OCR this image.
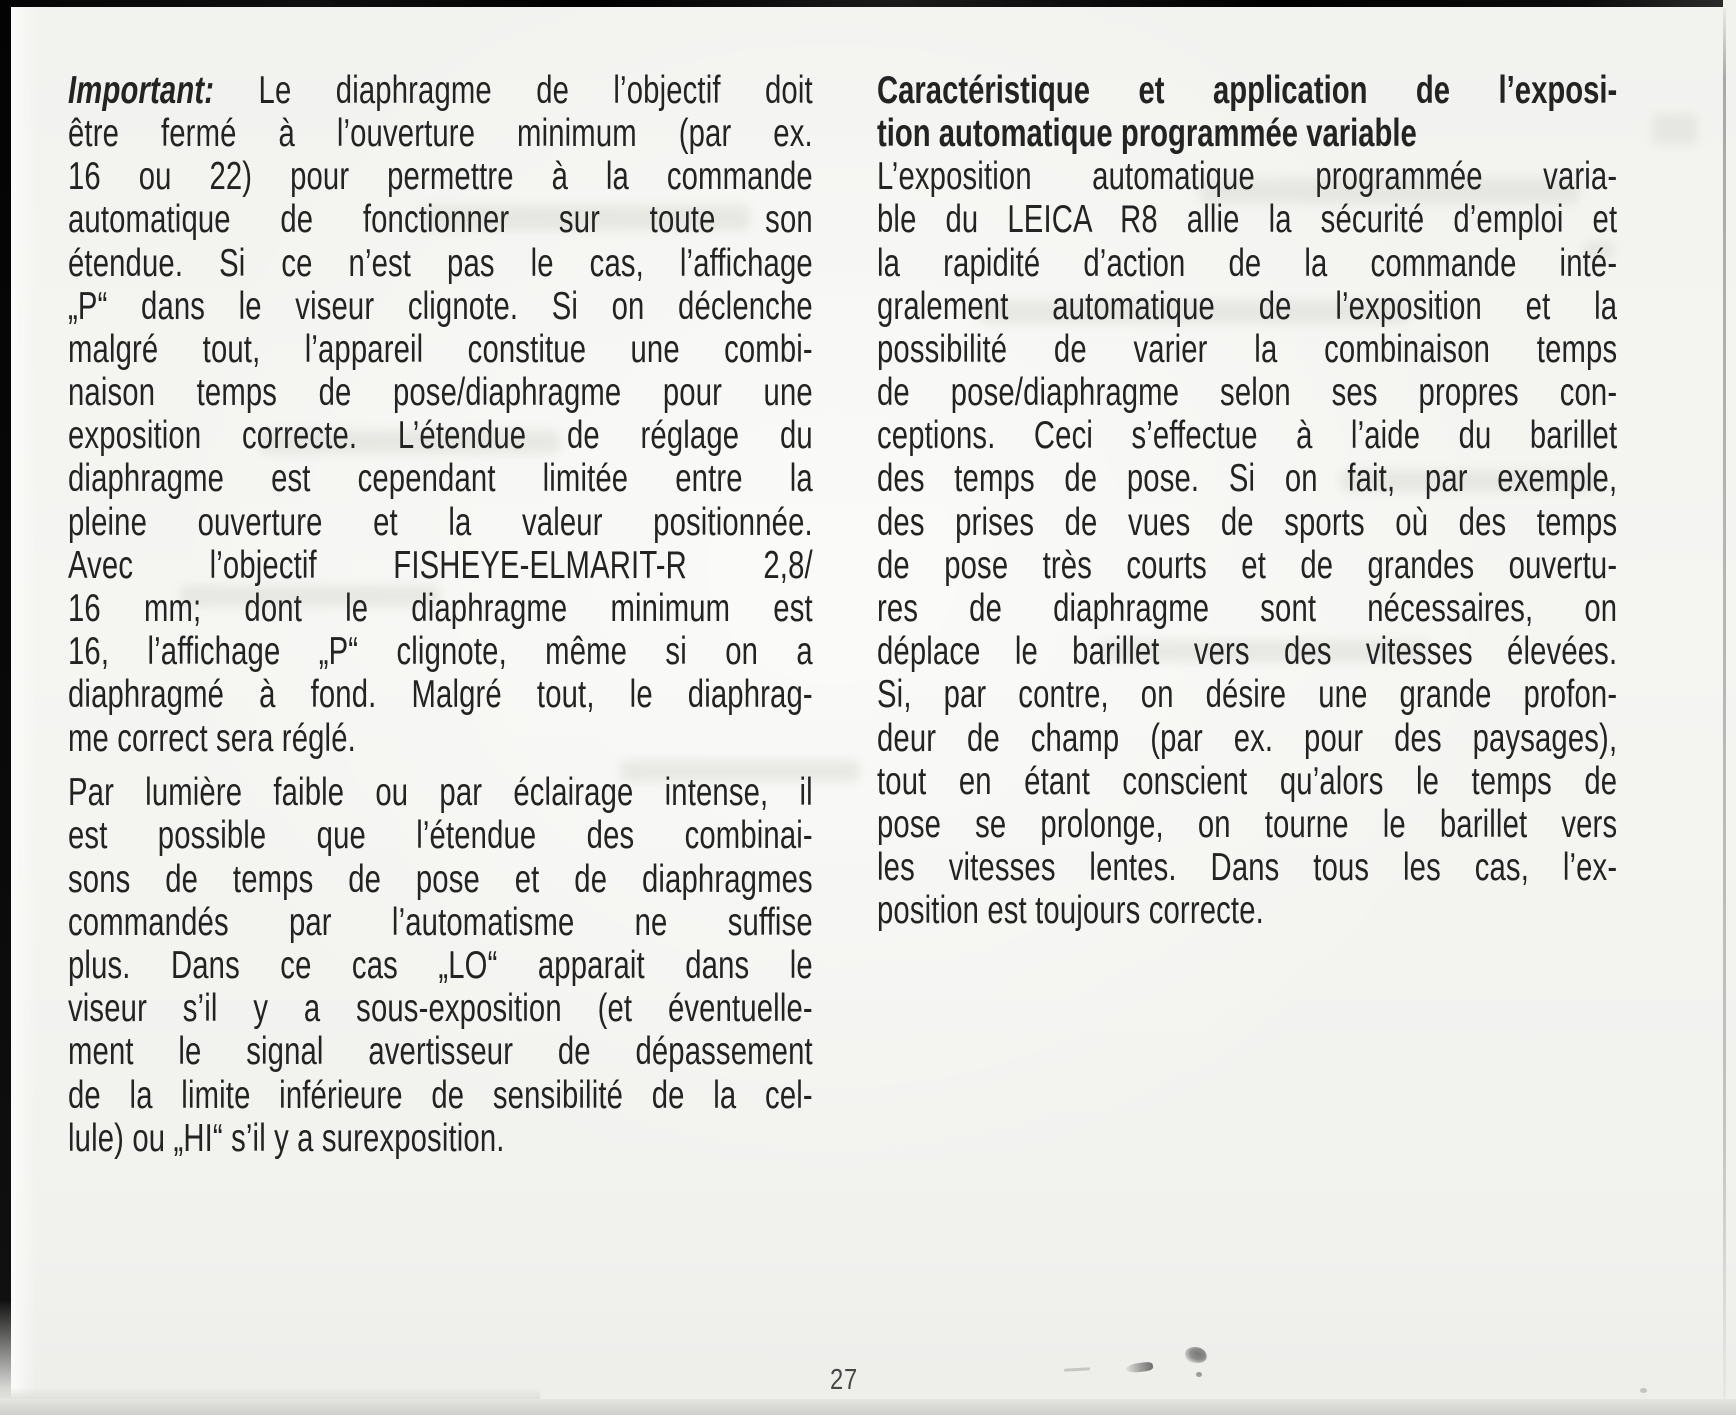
Important: Le diaphragme de l’objectif doit
être fermé à l’ouverture minimum (par ex.
16 ou 22) pour permettre à la commande
automatique de fonctionner sur toute son
étendue. Si ce n’est pas le cas, l’affichage
„P“ dans le viseur clignote. Si on déclenche
malgré tout, l’appareil constitue une combi-
naison temps de pose/diaphragme pour une
exposition correcte. L’étendue de réglage du
diaphragme est cependant limitée entre la
pleine ouverture et la valeur positionnée.
Avec l’objectif FISHEYE-ELMARIT-R 2,8/
16 mm; dont le diaphragme minimum est
16, l’affichage „P“ clignote, même si on a
diaphragmé à fond. Malgré tout, le diaphrag-
me correct sera réglé.
Par lumière faible ou par éclairage intense, il
est possible que l’étendue des combinai-
sons de temps de pose et de diaphragmes
commandés par l’automatisme ne suffise
plus. Dans ce cas „LO“ apparait dans le
viseur s’il y a sous-exposition (et éventuelle-
ment le signal avertisseur de dépassement
de la limite inférieure de sensibilité de la cel-
lule) ou „HI“ s’il y a surexposition.
Caractéristique et application de l’exposi-
tion automatique programmée variable
L’exposition automatique programmée varia-
ble du LEICA R8 allie la sécurité d’emploi et
la rapidité d’action de la commande inté-
gralement automatique de l’exposition et la
possibilité de varier la combinaison temps
de pose/diaphragme selon ses propres con-
ceptions. Ceci s’effectue à l’aide du barillet
des temps de pose. Si on fait, par exemple,
des prises de vues de sports où des temps
de pose très courts et de grandes ouvertu-
res de diaphragme sont nécessaires, on
déplace le barillet vers des vitesses élevées.
Si, par contre, on désire une grande profon-
deur de champ (par ex. pour des paysages),
tout en étant conscient qu’alors le temps de
pose se prolonge, on tourne le barillet vers
les vitesses lentes. Dans tous les cas, l’ex-
position est toujours correcte.
27
